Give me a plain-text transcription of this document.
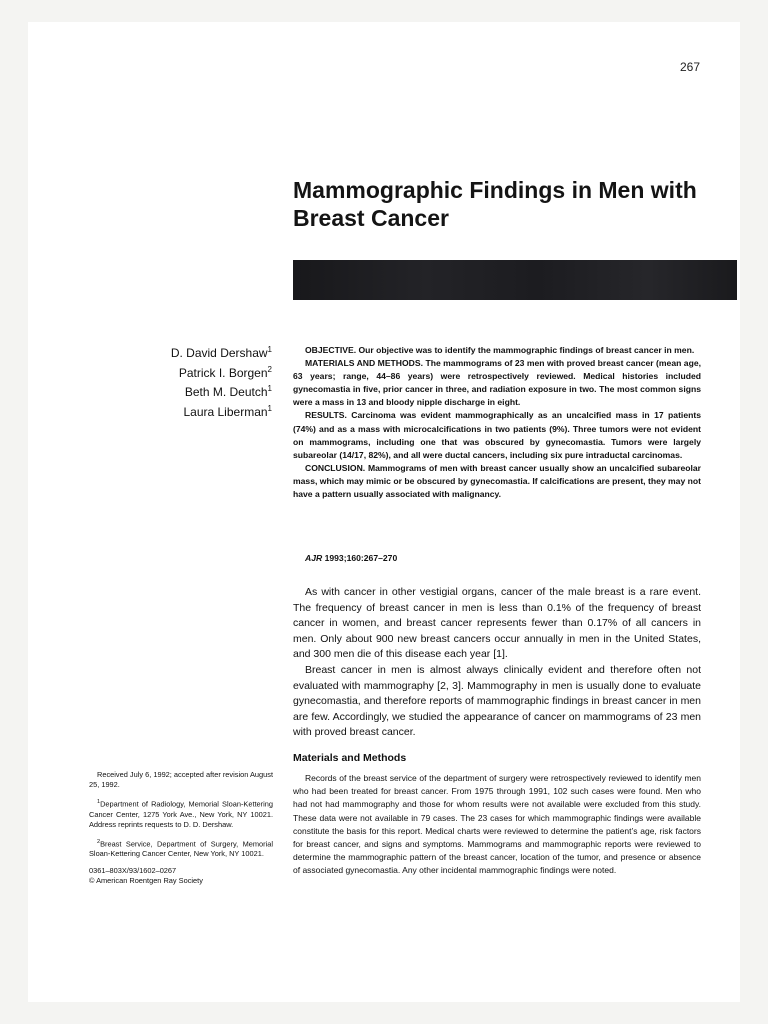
267
Mammographic Findings in Men with Breast Cancer
D. David Dershaw$^1$
Patrick I. Borgen$^2$
Beth M. Deutch$^1$
Laura Liberman$^1$

OBJECTIVE. Our objective was to identify the mammographic findings of breast cancer in men.

MATERIALS AND METHODS. The mammograms of 23 men with proved breast cancer (mean age, 63 years; range, 44–86 years) were retrospectively reviewed. Medical histories included gynecomastia in five, prior cancer in three, and radiation exposure in two. The most common signs were a mass in 13 and bloody nipple discharge in eight.

RESULTS. Carcinoma was evident mammographically as an uncalcified mass in 17 patients (74%) and as a mass with microcalcifications in two patients (9%). Three tumors were not evident on mammograms, including one that was obscured by gynecomastia. Tumors were largely subareolar (14/17, 82%), and all were ductal cancers, including six pure intraductal carcinomas.

CONCLUSION. Mammograms of men with breast cancer usually show an uncalcified subareolar mass, which may mimic or be obscured by gynecomastia. If calcifications are present, they may not have a pattern usually associated with malignancy.

AJR 1993;160:267–270

As with cancer in other vestigial organs, cancer of the male breast is a rare event. The frequency of breast cancer in men is less than 0.1% of the frequency of breast cancer in women, and breast cancer represents fewer than 0.17% of all cancers in men. Only about 900 new breast cancers occur annually in men in the United States, and 300 men die of this disease each year [1].

Breast cancer in men is almost always clinically evident and therefore often not evaluated with mammography [2, 3]. Mammography in men is usually done to evaluate gynecomastia, and therefore reports of mammographic findings in breast cancer in men are few. Accordingly, we studied the appearance of cancer on mammograms of 23 men with proved breast cancer.

Materials and Methods

Records of the breast service of the department of surgery were retrospectively reviewed to identify men who had been treated for breast cancer. From 1975 through 1991, 102 such cases were found. Men who had not had mammography and those for whom results were not available were excluded from this study. These data were not available in 79 cases. The 23 cases for which mammographic findings were available constitute the basis for this report. Medical charts were reviewed to determine the patient’s age, risk factors for breast cancer, and signs and symptoms. Mammograms and mammographic reports were reviewed to determine the mammographic pattern of the breast cancer, location of the tumor, and presence or absence of associated gynecomastia. Any other incidental mammographic findings were noted.

Received July 6, 1992; accepted after revision August 25, 1992.

$^1$Department of Radiology, Memorial Sloan-Kettering Cancer Center, 1275 York Ave., New York, NY 10021. Address reprints requests to D. D. Dershaw.

$^2$Breast Service, Department of Surgery, Memorial Sloan-Kettering Cancer Center, New York, NY 10021.

0361–803X/93/1602–0267

© American Roentgen Ray Society
